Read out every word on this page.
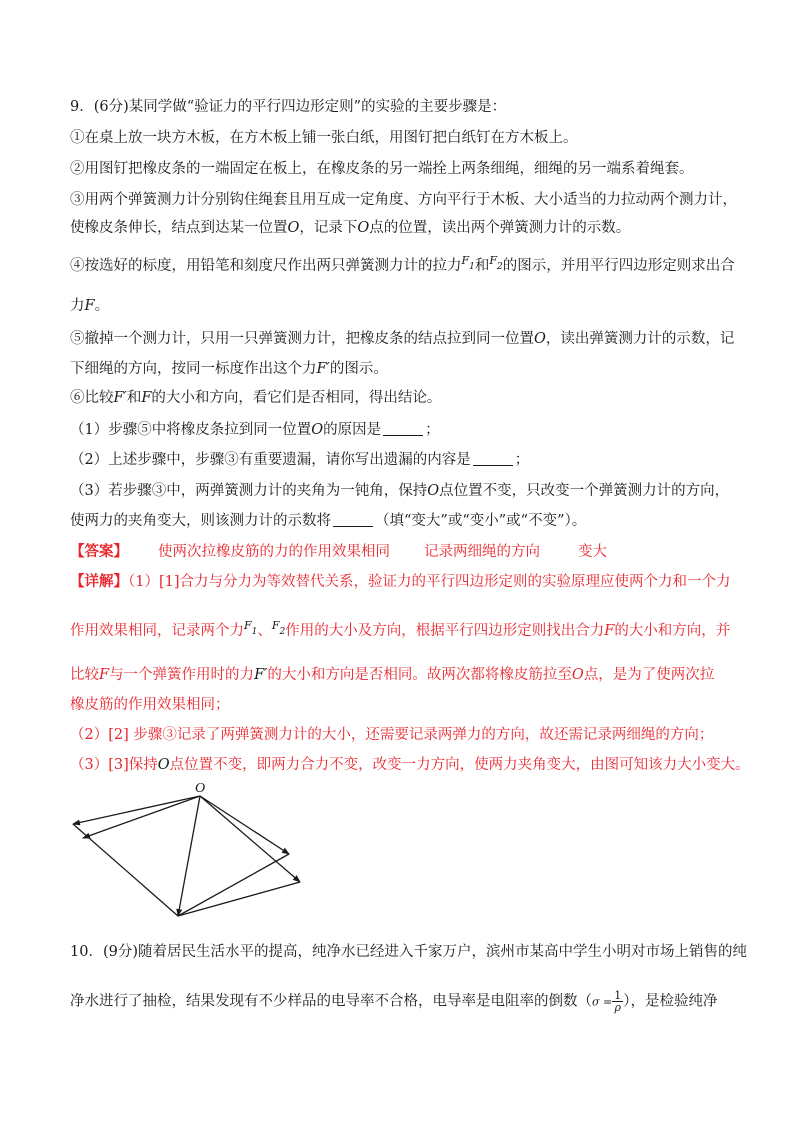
9．(6分)某同学做“验证力的平行四边形定则”的实验的主要步骤是：
①在桌上放一块方木板，在方木板上铺一张白纸，用图钉把白纸钉在方木板上。
②用图钉把橡皮条的一端固定在板上，在橡皮条的另一端拴上两条细绳，细绳的另一端系着绳套。
③用两个弹簧测力计分别钩住绳套且用互成一定角度、方向平行于木板、大小适当的力拉动两个测力计，
使橡皮条伸长，结点到达某一位置O，记录下O点的位置，读出两个弹簧测力计的示数。
④按选好的标度，用铅笔和刻度尺作出两只弹簧测力计的拉力$^{F_1}$和$^{F_2}$的图示，并用平行四边形定则求出合
力F。
⑤撤掉一个测力计，只用一只弹簧测力计，把橡皮条的结点拉到同一位置O，读出弹簧测力计的示数，记
下细绳的方向，按同一标度作出这个力F′的图示。
⑥比较F′和F的大小和方向，看它们是否相同，得出结论。
（1）步骤⑤中将橡皮条拉到同一位置O的原因是	；
（2）上述步骤中，步骤③有重要遗漏，请你写出遗漏的内容是	；
（3）若步骤③中，两弹簧测力计的夹角为一钝角，保持O点位置不变，只改变一个弹簧测力计的方向，
使两力的夹角变大，则该测力计的示数将	（填“变大”或“变小”或“不变”）。
【答案】 使两次拉橡皮筋的力的作用效果相同 记录两细绳的方向	变大
【详解】（1）[1]合力与分力为等效替代关系，验证力的平行四边形定则的实验原理应使两个力和一个力
作用效果相同，记录两个力$^{F_1}$、$^{F_2}$作用的大小及方向，根据平行四边形定则找出合力F的大小和方向，并
比较F与一个弹簧作用时的力F′的大小和方向是否相同。故两次都将橡皮筋拉至O点，是为了使两次拉
橡皮筋的作用效果相同；
（2）[2] 步骤③记录了两弹簧测力计的大小，还需要记录两弹力的方向，故还需记录两细绳的方向；
（3）[3]保持O点位置不变，即两力合力不变，改变一力方向，使两力夹角变大，由图可知该力大小变大。
O
10．(9分)随着居民生活水平的提高，纯净水已经进入千家万户，滨州市某高中学生小明对市场上销售的纯
净水进行了抽检，结果发现有不少样品的电导率不合格，电导率是电阻率的倒数（$\sigma = \frac{1}{\rho}$ ），是检验纯净
